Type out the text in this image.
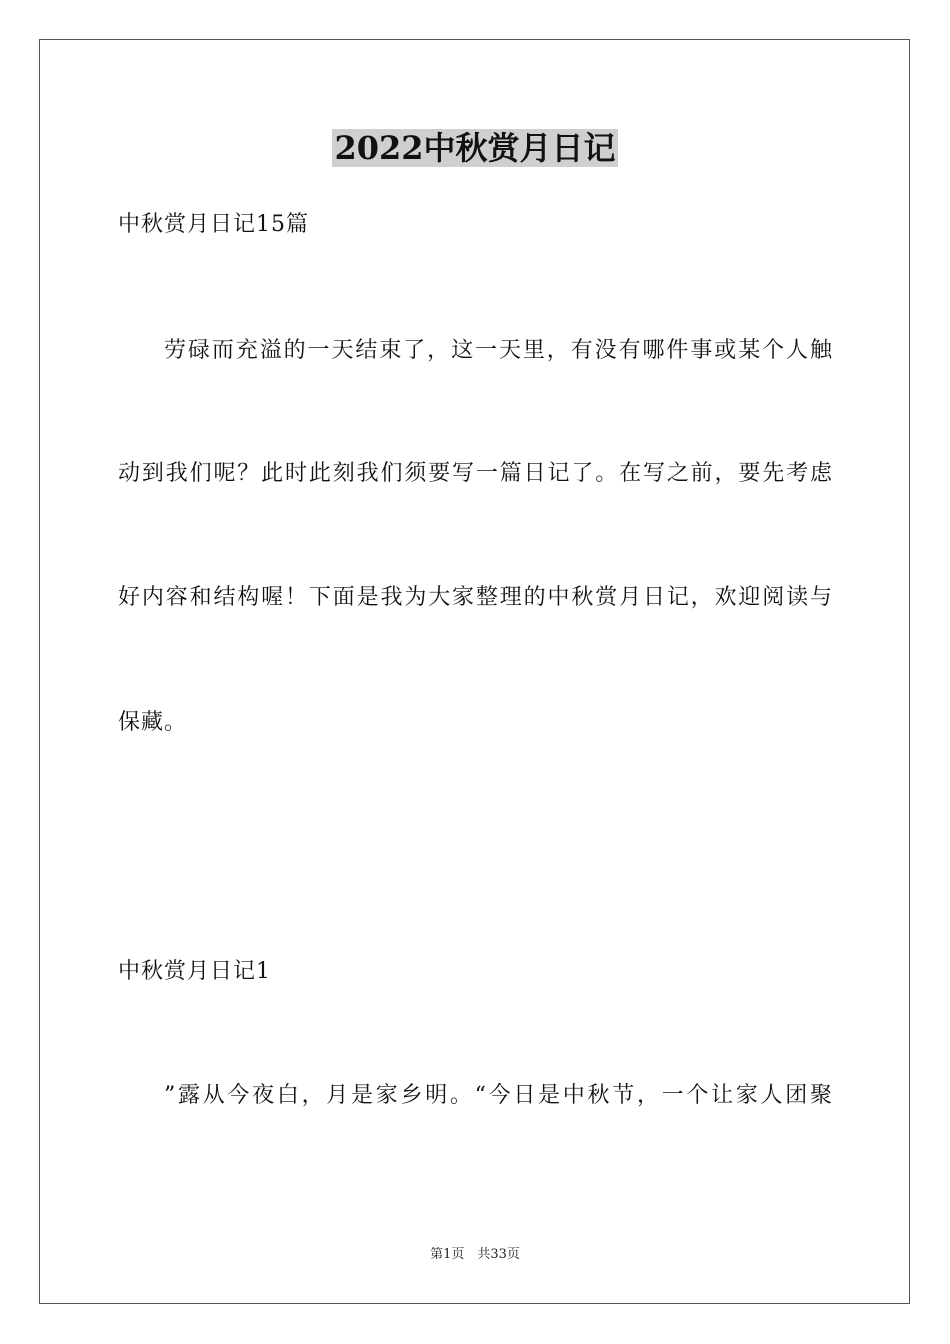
2022中秋赏月日记
中秋赏月日记15篇
劳碌而充溢的一天结束了，这一天里，有没有哪件事或某个人触
动到我们呢？此时此刻我们须要写一篇日记了。在写之前，要先考虑
好内容和结构喔！下面是我为大家整理的中秋赏月日记，欢迎阅读与
保藏。
中秋赏月日记1
”露从今夜白，月是家乡明。“今日是中秋节，一个让家人团聚
第1页　共33页
